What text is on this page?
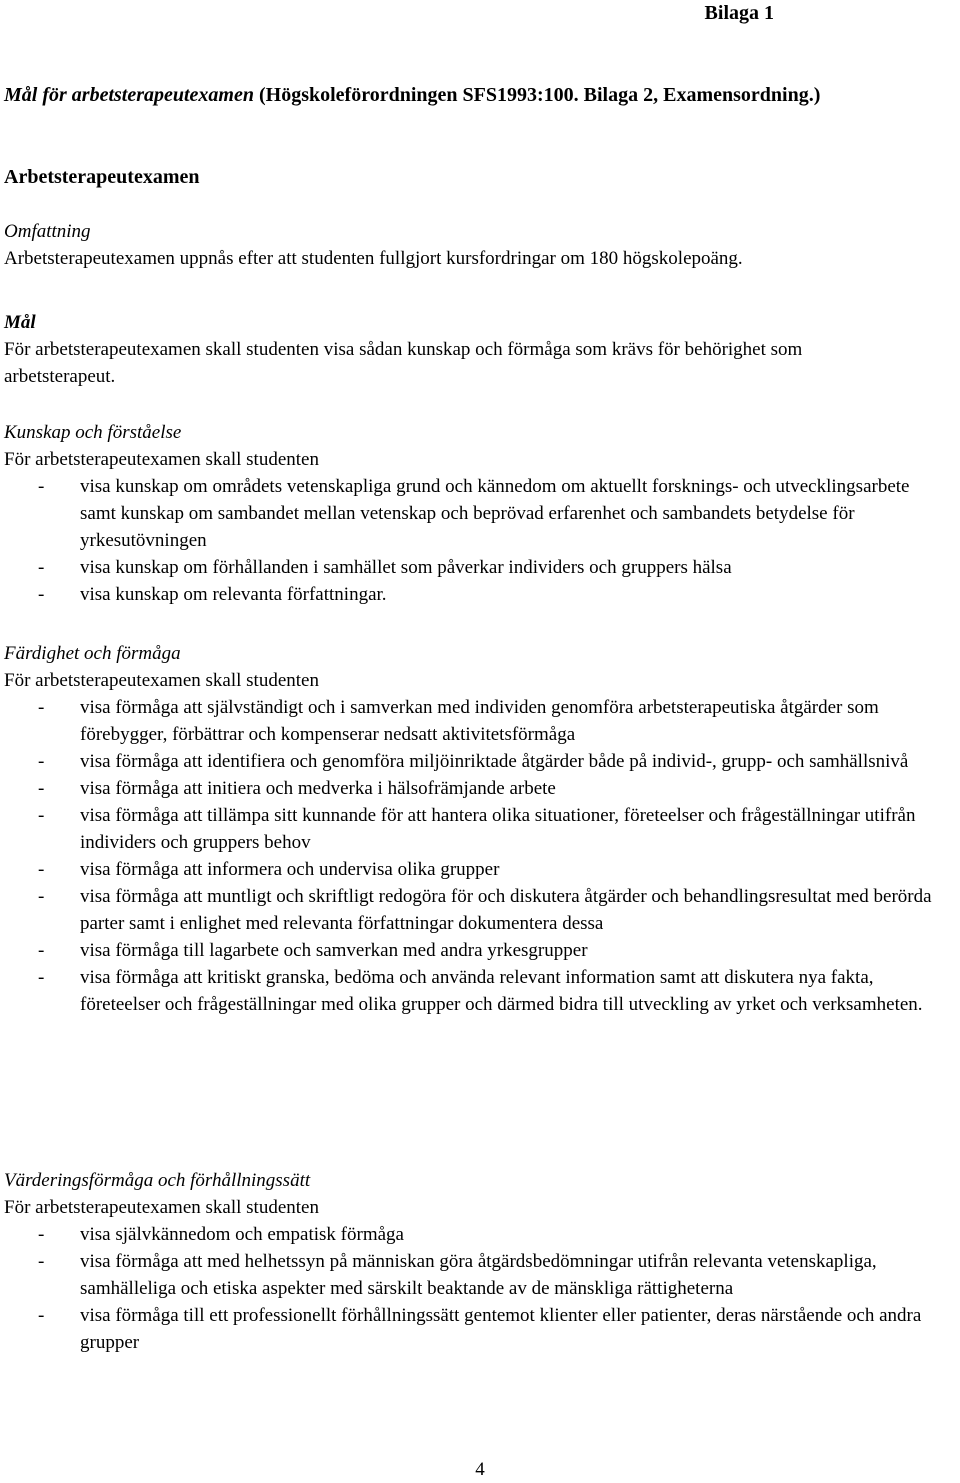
Bilaga 1
Mål för arbetsterapeutexamen (Högskoleförordningen SFS1993:100. Bilaga 2, Examensordning.)
Arbetsterapeutexamen
Omfattning
Arbetsterapeutexamen uppnås efter att studenten fullgjort kursfordringar om 180 högskolepoäng.
Mål
För arbetsterapeutexamen skall studenten visa sådan kunskap och förmåga som krävs för behörighet som arbetsterapeut.
Kunskap och förståelse
För arbetsterapeutexamen skall studenten
- visa kunskap om områdets vetenskapliga grund och kännedom om aktuellt forsknings- och utvecklingsarbete samt kunskap om sambandet mellan vetenskap och beprövad erfarenhet och sambandets betydelse för yrkesutövningen
- visa kunskap om förhållanden i samhället som påverkar individers och gruppers hälsa
- visa kunskap om relevanta författningar.
Färdighet och förmåga
För arbetsterapeutexamen skall studenten
- visa förmåga att självständigt och i samverkan med individen genomföra arbetsterapeutiska åtgärder som förebygger, förbättrar och kompenserar nedsatt aktivitetsförmåga
- visa förmåga att identifiera och genomföra miljöinriktade åtgärder både på individ-, grupp- och samhällsnivå
- visa förmåga att initiera och medverka i hälsofrämjande arbete
- visa förmåga att tillämpa sitt kunnande för att hantera olika situationer, företeelser och frågeställningar utifrån individers och gruppers behov
- visa förmåga att informera och undervisa olika grupper
- visa förmåga att muntligt och skriftligt redogöra för och diskutera åtgärder och behandlingsresultat med berörda parter samt i enlighet med relevanta författningar dokumentera dessa
- visa förmåga till lagarbete och samverkan med andra yrkesgrupper
- visa förmåga att kritiskt granska, bedöma och använda relevant information samt att diskutera nya fakta, företeelser och frågeställningar med olika grupper och därmed bidra till utveckling av yrket och verksamheten.
Värderingsförmåga och förhållningssätt
För arbetsterapeutexamen skall studenten
- visa självkännedom och empatisk förmåga
- visa förmåga att med helhetssyn på människan göra åtgärdsbedömningar utifrån relevanta vetenskapliga, samhälleliga och etiska aspekter med särskilt beaktande av de mänskliga rättigheterna
- visa förmåga till ett professionellt förhållningssätt gentemot klienter eller patienter, deras närstående och andra grupper
4
